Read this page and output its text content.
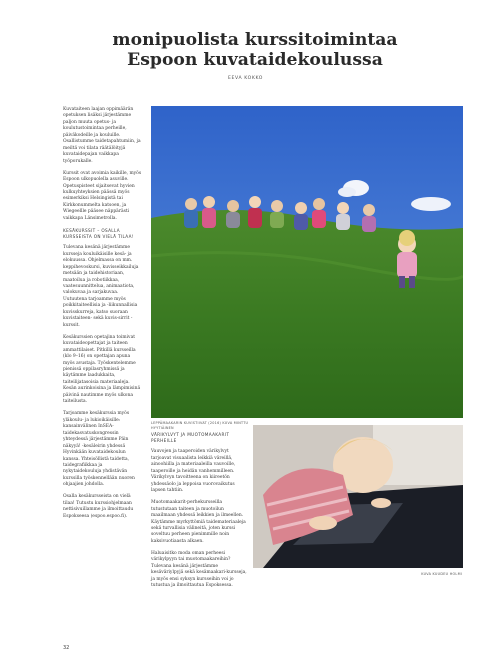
monipuolista kurssitoimintaa
Espoon kuvataidekoulussa
EEVA KOKKO

Kuvataiteen laajan oppimäärän opetuksen lisäksi järjestämme paljon muuta opetus- ja koulutustoimintaa perheille, päiväkodeille ja kouluille. Osallistumme taidetapahtumiin, ja meiltä voi tilata räätälöityjä kuvataidepajan vaikkapa työporukalle.

Kurssit ovat avoimia kaikille, myös Espoon ulkopuolella asuville. Opetuspisteet sijaitsevat hyvien kulkuyhteyksien päässä myös esimerkiksi Helsingistä tai Kirkkonummelta katsoen, ja Wiegeellle pääsee näppärästi vaikkapa Länsimetrolla.

KESÄKURSSIT – OSALLA KURSSEISTA ON VIELÄ TILAA!

Tulevana kesänä järjestämme kursseja kouluikäisille kesä- ja elokuussa. Ohjelmassa on mm. keppihevoskursi, kuvisseikkailuja metsään ja taidehistoriaan, maatoilua ja robotiikkaa, vaatesuunnittelua, animaatiota, valokuvaa ja sarjakuvaa. Uutuutena tarjoamme myös poikkitaiteellisia ja -liikunnallisia kuvisskurreja, katso suoraan kuvistaiteen- sekä kuvis-sirrit -kurssit.

Kesäkurssien opetajina toimivat kuvataideopettajat ja taiteen ammattilaiset. Pitkillä kursseilla (klo 9–16) on opettajan apuna myös avustaja. Työskentelemme pienissä oppilasryhmissä ja käytämme laadukkaita, taiteilijatasoisia materiaaleja. Kesän aurinkoisina ja lämpimisinä päivinä nautimme myös ulkona taiteilusta.

Tarjoamme kesäkurssia myös yläkoulu- ja lukioikäisille: kansainvälinen InSEA-taidekasvatuskongressin yhteydessä järjestämme Päin näkyyä! -kesäleirin yhdessä Hyvinkään kuvataidekoulun kanssa. Yhteisöllistä taidetta, taidegrafiikkaa ja nykytaidekouluja yhdistävän kurssilla työskennellään nuoren ohjaajien johdolla.

Osalla kesäkursseista on vielä tilaa! Tutustu kurssiohjelmaan nettisivuillamme ja ilmoittaudu Espokseesa (espoo.espoo.fi).

LEPPÄMAAKARIN KUVISTIIVAT (2016) KUVA MINTTU HYYTIÄINEN
VÄRIKYLVYT JA MUOTOMAAKARIT PERHEILLE

Vauvojen ja taaperoiden värikylvyt tarjoavat visuaalista leikkiä väreillä, ainoohiilla ja materiaaleilla vauvoille, taaperoille ja heidän vanhemmilleen. Värikylvyn tavoitteena on kiireetön yhdessäolo ja leppoisa vuorovaikutus lapsen tahtiin.

Muotomaakarit-perhekursseilla tutustutaan taiteen ja muotoilun maailmaan yhdessä leikkien ja ilmeellen. Käytämme myrkyttömiä taidemateriaaleja sekä turvallisia välineitä, joten kurssi soveltuu perheen pienimmille noin kaksivuotiaasta alkaen.

Haluaisitko moda oman perheesi värikylpyyn tai muotomaakareihin? Tulevana kesänä järjestämme kesäväriylpyjä sekä kesämaakari-kursseja, ja myös ensi syksyn kursseihin voi jo tutustua ja ilmoittautua Espoksessa.

KUVA KUUDEU HOLMI
32
